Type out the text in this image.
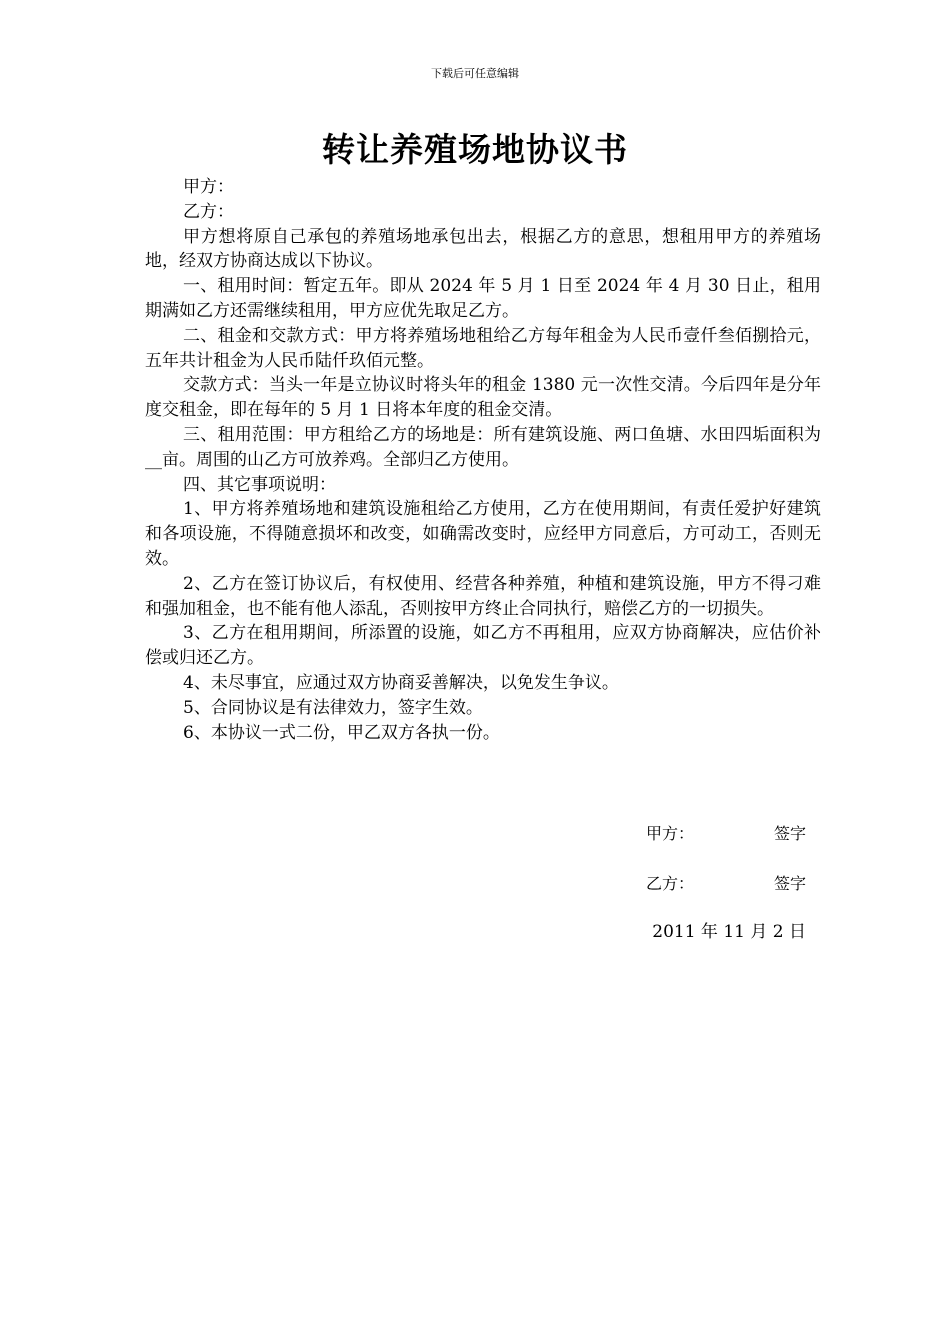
下载后可任意编辑
转让养殖场地协议书

甲方：

乙方：

甲方想将原自己承包的养殖场地承包出去，根据乙方的意思，想租用甲方的养殖场地，经双方协商达成以下协议。

一、租用时间：暂定五年。即从 2024 年 5 月 1 日至 2024 年 4 月 30 日止，租用期满如乙方还需继续租用，甲方应优先取足乙方。

二、租金和交款方式：甲方将养殖场地租给乙方每年租金为人民币壹仟叁佰捌拾元，五年共计租金为人民币陆仟玖佰元整。

交款方式：当头一年是立协议时将头年的租金 1380 元一次性交清。今后四年是分年度交租金，即在每年的 5 月 1 日将本年度的租金交清。

三、租用范围：甲方租给乙方的场地是：所有建筑设施、两口鱼塘、水田四垢面积为__亩。周围的山乙方可放养鸡。全部归乙方使用。

四、其它事项说明：

1、甲方将养殖场地和建筑设施租给乙方使用，乙方在使用期间，有责任爱护好建筑和各项设施，不得随意损坏和改变，如确需改变时，应经甲方同意后，方可动工，否则无效。

2、乙方在签订协议后，有权使用、经营各种养殖，种植和建筑设施，甲方不得刁难和强加租金，也不能有他人添乱，否则按甲方终止合同执行，赔偿乙方的一切损失。

3、乙方在租用期间，所添置的设施，如乙方不再租用，应双方协商解决，应估价补偿或归还乙方。

4、未尽事宜，应通过双方协商妥善解决，以免发生争议。

5、合同协议是有法律效力，签字生效。

6、本协议一式二份，甲乙双方各执一份。

甲方：	签字
乙方：	签字
2011 年 11 月 2 日
